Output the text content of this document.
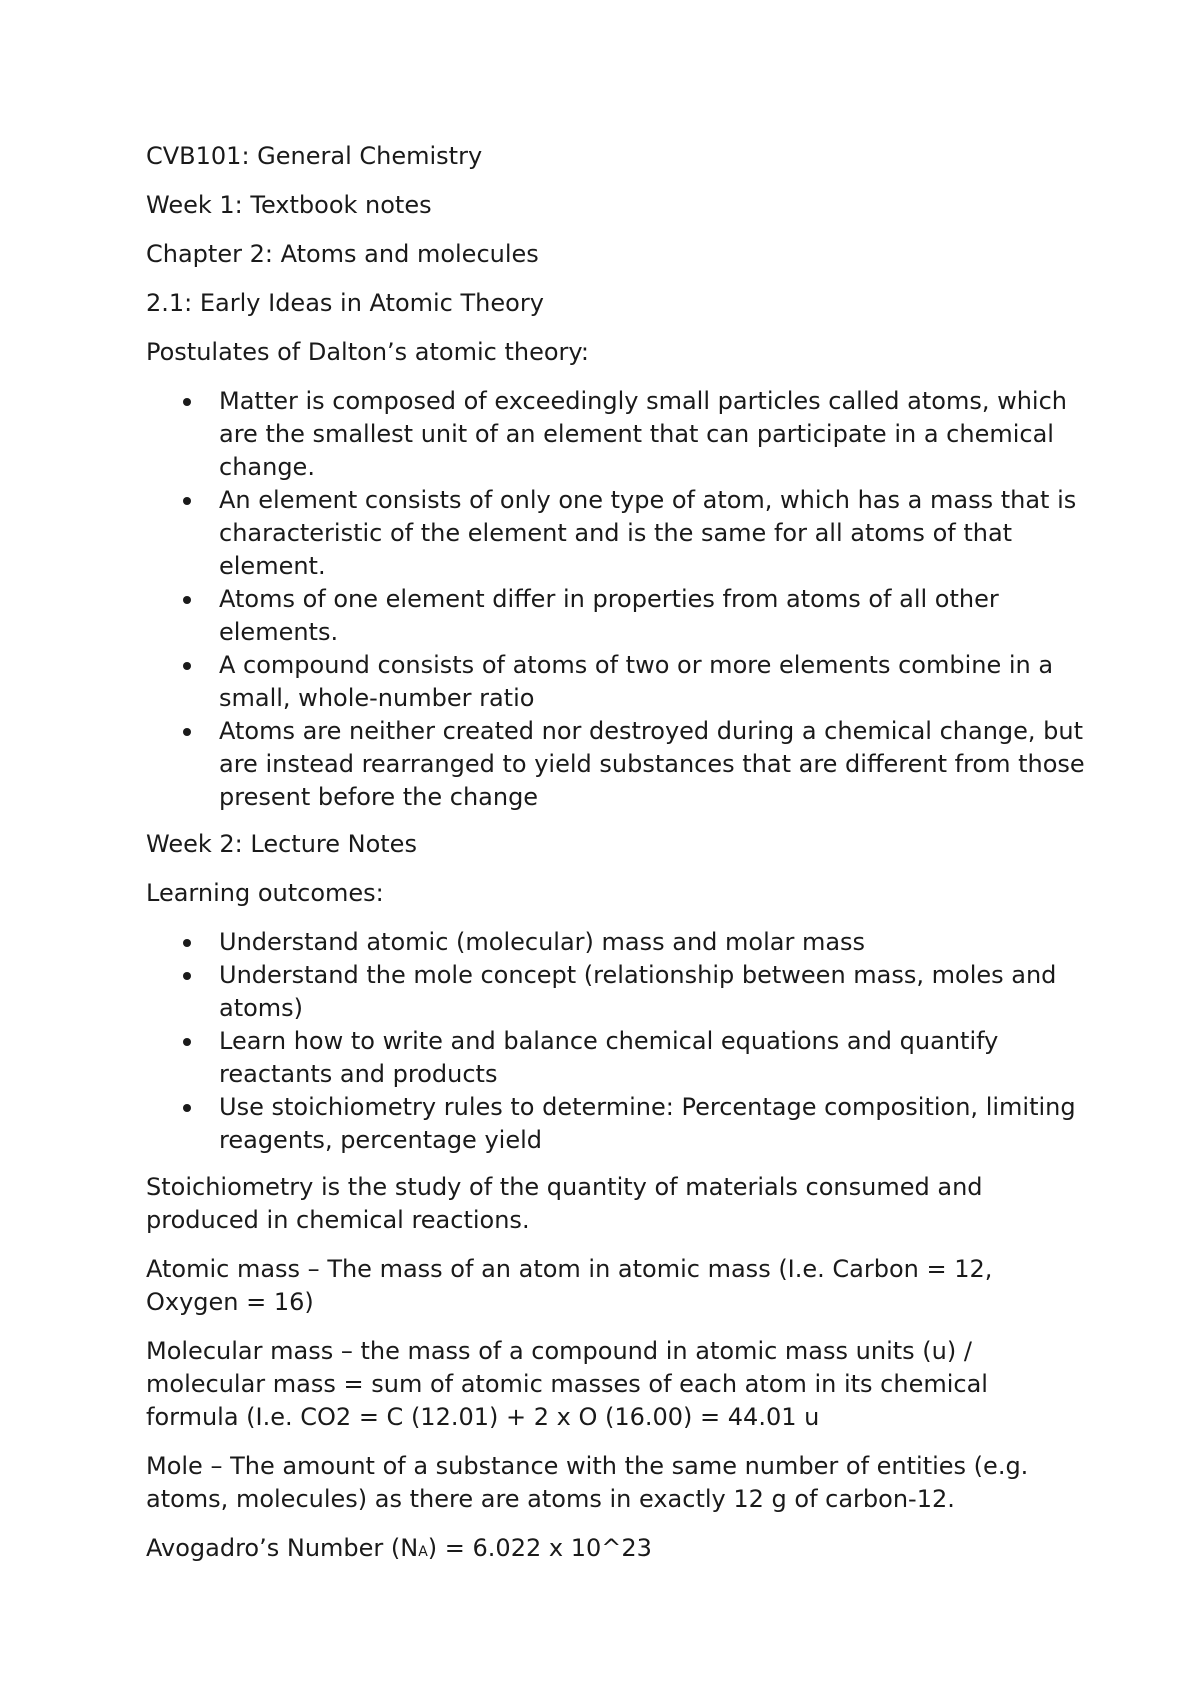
CVB101: General Chemistry

Week 1: Textbook notes

Chapter 2: Atoms and molecules

2.1: Early Ideas in Atomic Theory

Postulates of Dalton’s atomic theory:

Matter is composed of exceedingly small particles called atoms, which are the smallest unit of an element that can participate in a chemical change.
An element consists of only one type of atom, which has a mass that is characteristic of the element and is the same for all atoms of that element.
Atoms of one element differ in properties from atoms of all other elements.
A compound consists of atoms of two or more elements combine in a small, whole-number ratio
Atoms are neither created nor destroyed during a chemical change, but are instead rearranged to yield substances that are different from those present before the change

Week 2: Lecture Notes

Learning outcomes:

Understand atomic (molecular) mass and molar mass
Understand the mole concept (relationship between mass, moles and atoms)
Learn how to write and balance chemical equations and quantify reactants and products
Use stoichiometry rules to determine: Percentage composition, limiting reagents, percentage yield

Stoichiometry is the study of the quantity of materials consumed and produced in chemical reactions.

Atomic mass – The mass of an atom in atomic mass (I.e. Carbon = 12, Oxygen = 16)

Molecular mass – the mass of a compound in atomic mass units (u) / molecular mass = sum of atomic masses of each atom in its chemical formula (I.e. CO2 = C (12.01) + 2 x O (16.00) = 44.01 u

Mole – The amount of a substance with the same number of entities (e.g. atoms, molecules) as there are atoms in exactly 12 g of carbon-12.

Avogadro’s Number (NA) = 6.022 x 10^23
